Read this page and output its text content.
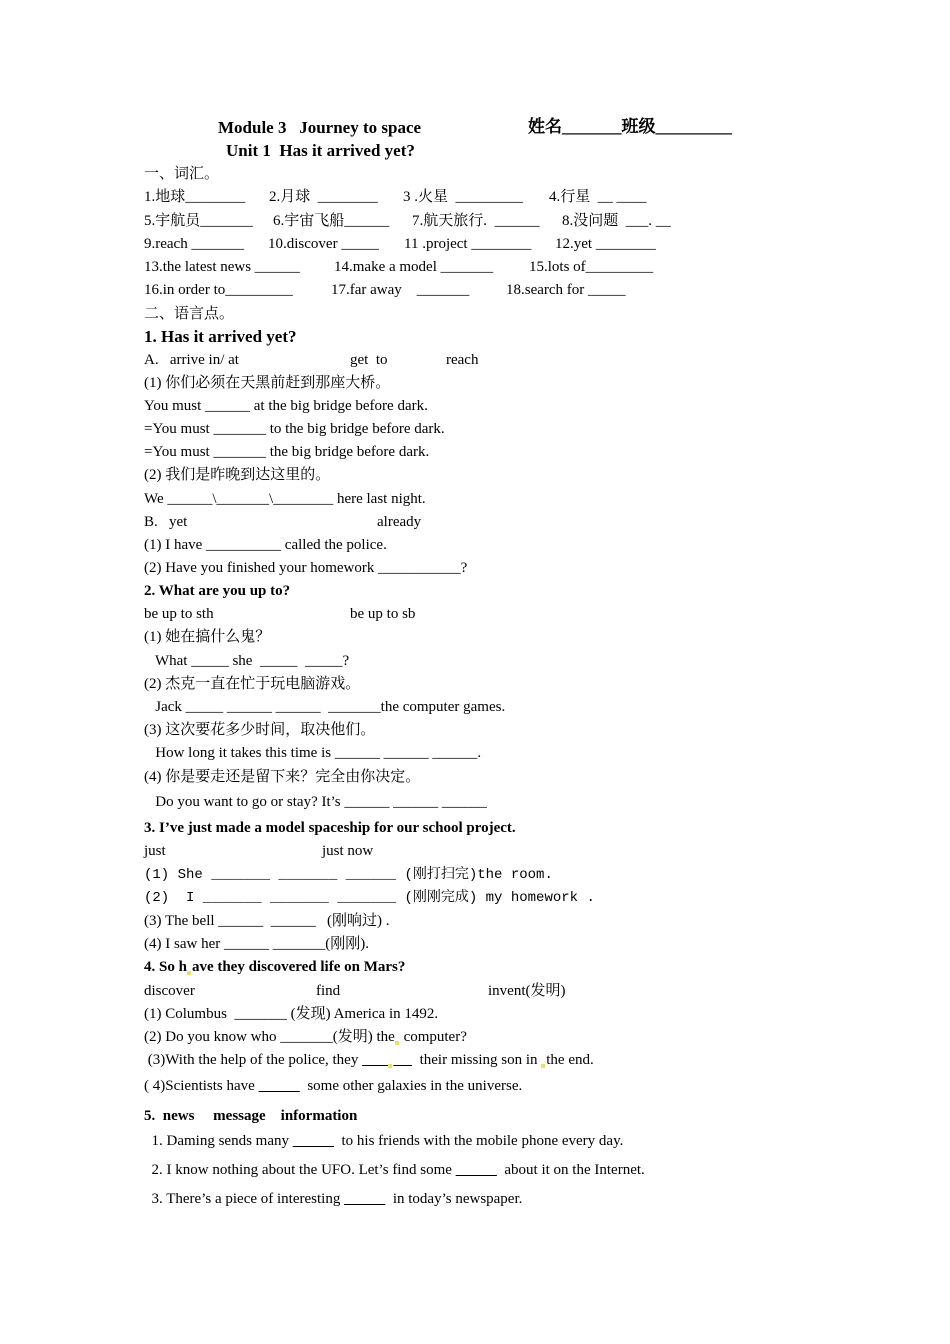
Module 3   Journey to space	姓名_______班级_________
Unit 1  Has it arrived yet?
一、词汇。
1.地球________ 2.月球  ________ 3 .火星  _________ 4.行星  __ ____
5.宇航员_______ 6.宇宙飞船______ 7.航天旅行.  ______ 8.没问题  ___. __
9.reach _______ 10.discover _____ 11 .project ________ 12.yet ________
13.the latest news ______ 14.make a model _______ 15.lots of_________
16.in order to_________	17.far away    _______ 18.search for _____
二、语言点。
1. Has it arrived yet?
A.   arrive in/ at	get  to	reach
(1) 你们必须在天黑前赶到那座大桥。
You must ______ at the big bridge before dark.
=You must _______ to the big bridge before dark.
=You must _______ the big bridge before dark.
(2) 我们是昨晚到达这里的。
We ______\_______\________ here last night.
B.   yet	already
(1) I have __________ called the police.
(2) Have you finished your homework ___________?
2. What are you up to?
be up to sth	be up to sb
(1) 她在搞什么鬼？
What _____ she  _____  _____?
(2) 杰克一直在忙于玩电脑游戏。
Jack _____ ______ ______  _______the computer games.
(3) 这次要花多少时间，取决他们。
How long it takes this time is ______ ______ ______.
(4) 你是要走还是留下来？完全由你决定。
Do you want to go or stay? It’s ______ ______ ______
3. I’ve just made a model spaceship for our school project.
just	just now
(1) She _______ _______ ______ (刚打扫完)the room.
(2)  I _______ _______ _______ (刚刚完成) my homework .
(3) The bell ______  ______   (刚响过) .
(4) I saw her ______ _______(刚刚).
4. So h ave they discovered life on Mars?
discover	find	invent(发明)
(1) Columbus  _______ (发现) America in 1492.
(2) Do you know who _______(发明) the computer?
(3)With the help of the police, they	their missing son in the end.
( 4)Scientists have	some other galaxies in the universe.
5.  news     message    information
1. Daming sends many	to his friends with the mobile phone every day.
2. I know nothing about the UFO. Let’s find some	about it on the Internet.
3. There’s a piece of interesting	in today’s newspaper.
